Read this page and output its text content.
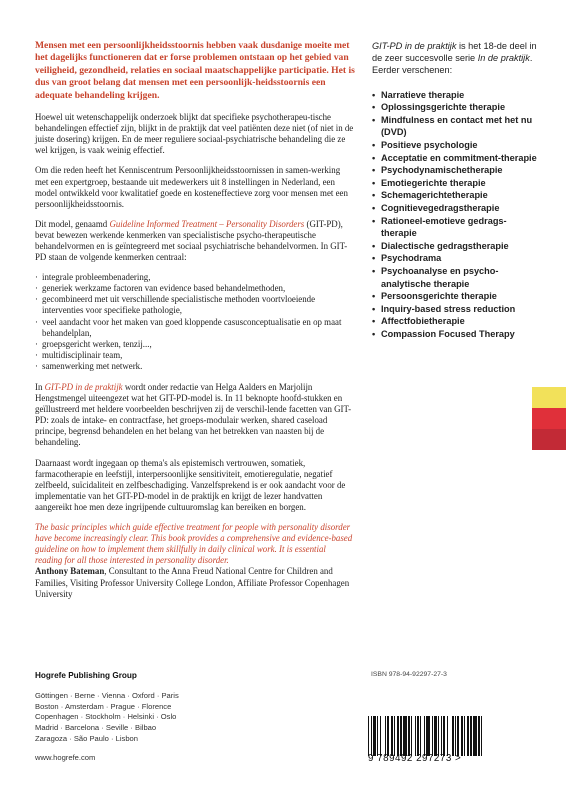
Mensen met een persoonlijkheidsstoornis hebben vaak dusdanige moeite met het dagelijks functioneren dat er forse problemen ontstaan op het gebied van veiligheid, gezondheid, relaties en sociaal maatschappelijke participatie. Het is dus van groot belang dat mensen met een persoonlijk-heidsstoornis een adequate behandeling krijgen.

Hoewel uit wetenschappelijk onderzoek blijkt dat specifieke psychotherapeu-tische behandelingen effectief zijn, blijkt in de praktijk dat veel patiënten deze niet (of niet in de juiste dosering) krijgen. En de meer reguliere sociaal-psychiatrische behandeling die ze wel krijgen, is vaak weinig effectief.

Om die reden heeft het Kenniscentrum Persoonlijkheidsstoornissen in samen-werking met een expertgroep, bestaande uit medewerkers uit 8 instellingen in Nederland, een model ontwikkeld voor kwalitatief goede en kosteneffectieve zorg voor mensen met een persoonlijkheidsstoornis.

Dit model, genaamd Guideline Informed Treatment – Personality Disorders (GIT-PD), bevat bewezen werkende kenmerken van specialistische psycho-therapeutische behandelvormen en is geïntegreerd met sociaal psychiatrische behandelvormen. In GIT-PD staan de volgende kenmerken centraal:

· integrale probleembenadering,
· generiek werkzame factoren van evidence based behandelmethoden,
· gecombineerd met uit verschillende specialistische methoden voortvloeiende interventies voor specifieke pathologie,
· veel aandacht voor het maken van goed kloppende casusconceptualisatie en op maat behandelplan,
· groepsgericht werken, tenzij...,
· multidisciplinair team,
· samenwerking met netwerk.

In GIT-PD in de praktijk wordt onder redactie van Helga Aalders en Marjolijn Hengstmengel uiteengezet wat het GIT-PD-model is. In 11 beknopte hoofd-stukken en geïllustreerd met heldere voorbeelden beschrijven zij de verschil-lende facetten van GIT-PD: zoals de intake- en contractfase, het groeps-modulair werken, shared caseload principe, begrensd behandelen en het belang van het betrekken van naasten bij de behandeling.

Daarnaast wordt ingegaan op thema's als epistemisch vertrouwen, somatiek, farmacotherapie en leefstijl, interpersoonlijke sensitiviteit, emotieregulatie, negatief zelfbeeld, suïcidaliteit en zelfbeschadiging. Vanzelfsprekend is er ook aandacht voor de implementatie van het GIT-PD-model in de praktijk en krijgt de lezer handvatten aangereikt hoe men deze ingrijpende cultuuromslag kan bereiken en borgen.

The basic principles which guide effective treatment for people with personality disorder have become increasingly clear. This book provides a comprehensive and evidence-based guideline on how to implement them skillfully in daily clinical work. It is essential reading for all those interested in personality disorder.

Anthony Bateman, Consultant to the Anna Freud National Centre for Children and Families, Visiting Professor University College London, Affiliate Professor Copenhagen University

GIT-PD in de praktijk is het 18-de deel in de zeer succesvolle serie In de praktijk. Eerder verschenen:

• Narratieve therapie
• Oplossingsgerichte therapie
• Mindfulness en contact met het nu (DVD)
• Positieve psychologie
• Acceptatie en commitment-therapie
• Psychodynamischetherapie
• Emotiegerichte therapie
• Schemagerichtetherapie
• Cognitievegedragstherapie
• Rationeel-emotieve gedrags-therapie
• Dialectische gedragstherapie
• Psychodrama
• Psychoanalyse en psycho-analytische therapie
• Persoonsgerichte therapie
• Inquiry-based stress reduction
• Affectfobietherapie
• Compassion Focused Therapy
Hogrefe Publishing Group
Göttingen · Berne · Vienna · Oxford · Paris
Boston · Amsterdam · Prague · Florence
Copenhagen · Stockholm · Helsinki · Oslo
Madrid · Barcelona · Seville · Bilbao
Zaragoza · São Paulo · Lisbon
www.hogrefe.com
ISBN 978-94-92297-27-3
9 789492 297273 >
